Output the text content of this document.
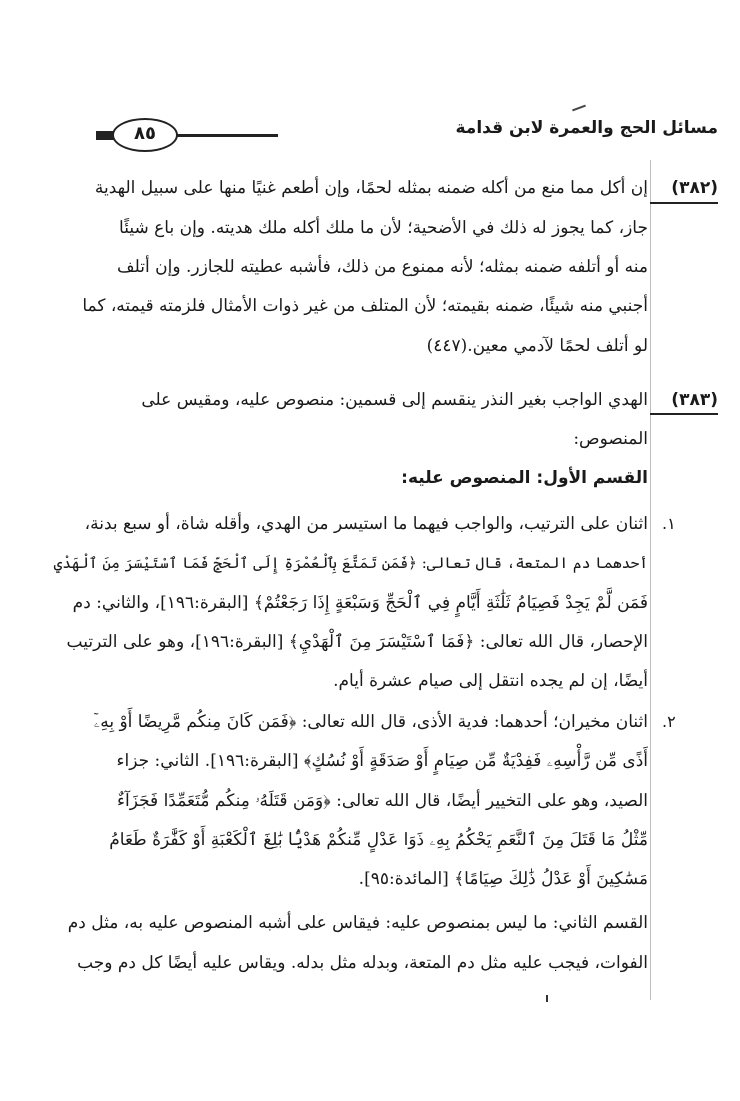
مسائل الحج والعمرة لابن قدامة
٨٥
(٣٨٢)
إن أكل مما منع من أكله ضمنه بمثله لحمًا، وإن أطعم غنيًا منها على سبيل الهدية
جاز، كما يجوز له ذلك في الأضحية؛ لأن ما ملك أكله ملك هديته. وإن باع شيئًا
منه أو أتلفه ضمنه بمثله؛ لأنه ممنوع من ذلك، فأشبه عطيته للجازر. وإن أتلف
أجنبي منه شيئًا، ضمنه بقيمته؛ لأن المتلف من غير ذوات الأمثال فلزمته قيمته، كما
لو أتلف لحمًا لآدمي معين.(٤٤٧)
(٣٨٣)
الهدي الواجب بغير النذر ينقسم إلى قسمين: منصوص عليه، ومقيس على
المنصوص:
القسم الأول: المنصوص عليه:
.١
اثنان على الترتيب، والواجب فيهما ما استيسر من الهدي، وأقله شاة، أو سبع بدنة،
أحدهما دم المتعة، قال تعالى: ﴿فَمَن تَمَتَّعَ بِٱلْعُمْرَةِ إِلَى ٱلْحَجِّ فَمَا ٱسْتَيْسَرَ مِنَ ٱلْهَدْيِ
فَمَن لَّمْ يَجِدْ فَصِيَامُ ثَلَٰثَةِ أَيَّامٍ فِي ٱلْحَجِّ وَسَبْعَةٍ إِذَا رَجَعْتُمْ﴾ [البقرة:١٩٦]، والثاني: دم
الإحصار، قال الله تعالى: ﴿فَمَا ٱسْتَيْسَرَ مِنَ ٱلْهَدْيِ﴾ [البقرة:١٩٦]، وهو على الترتيب
أيضًا، إن لم يجده انتقل إلى صيام عشرة أيام.
.٢
اثنان مخيران؛ أحدهما: فدية الأذى، قال الله تعالى: ﴿فَمَن كَانَ مِنكُم مَّرِيضًا أَوْ بِهِۦٓ
أَذًى مِّن رَّأْسِهِۦ فَفِدْيَةٌ مِّن صِيَامٍ أَوْ صَدَقَةٍ أَوْ نُسُكٍ﴾ [البقرة:١٩٦]. الثاني: جزاء
الصيد، وهو على التخيير أيضًا، قال الله تعالى: ﴿وَمَن قَتَلَهُۥ مِنكُم مُّتَعَمِّدًا فَجَزَآءٌ
مِّثْلُ مَا قَتَلَ مِنَ ٱلنَّعَمِ يَحْكُمُ بِهِۦ ذَوَا عَدْلٍ مِّنكُمْ هَدْيًۢا بَٰلِغَ ٱلْكَعْبَةِ أَوْ كَفَّٰرَةٌ طَعَامُ
مَسَٰكِينَ أَوْ عَدْلُ ذَٰلِكَ صِيَامًا﴾ [المائدة:٩٥].
القسم الثاني: ما ليس بمنصوص عليه: فيقاس على أشبه المنصوص عليه به، مثل دم
الفوات، فيجب عليه مثل دم المتعة، وبدله مثل بدله. ويقاس عليه أيضًا كل دم وجب
